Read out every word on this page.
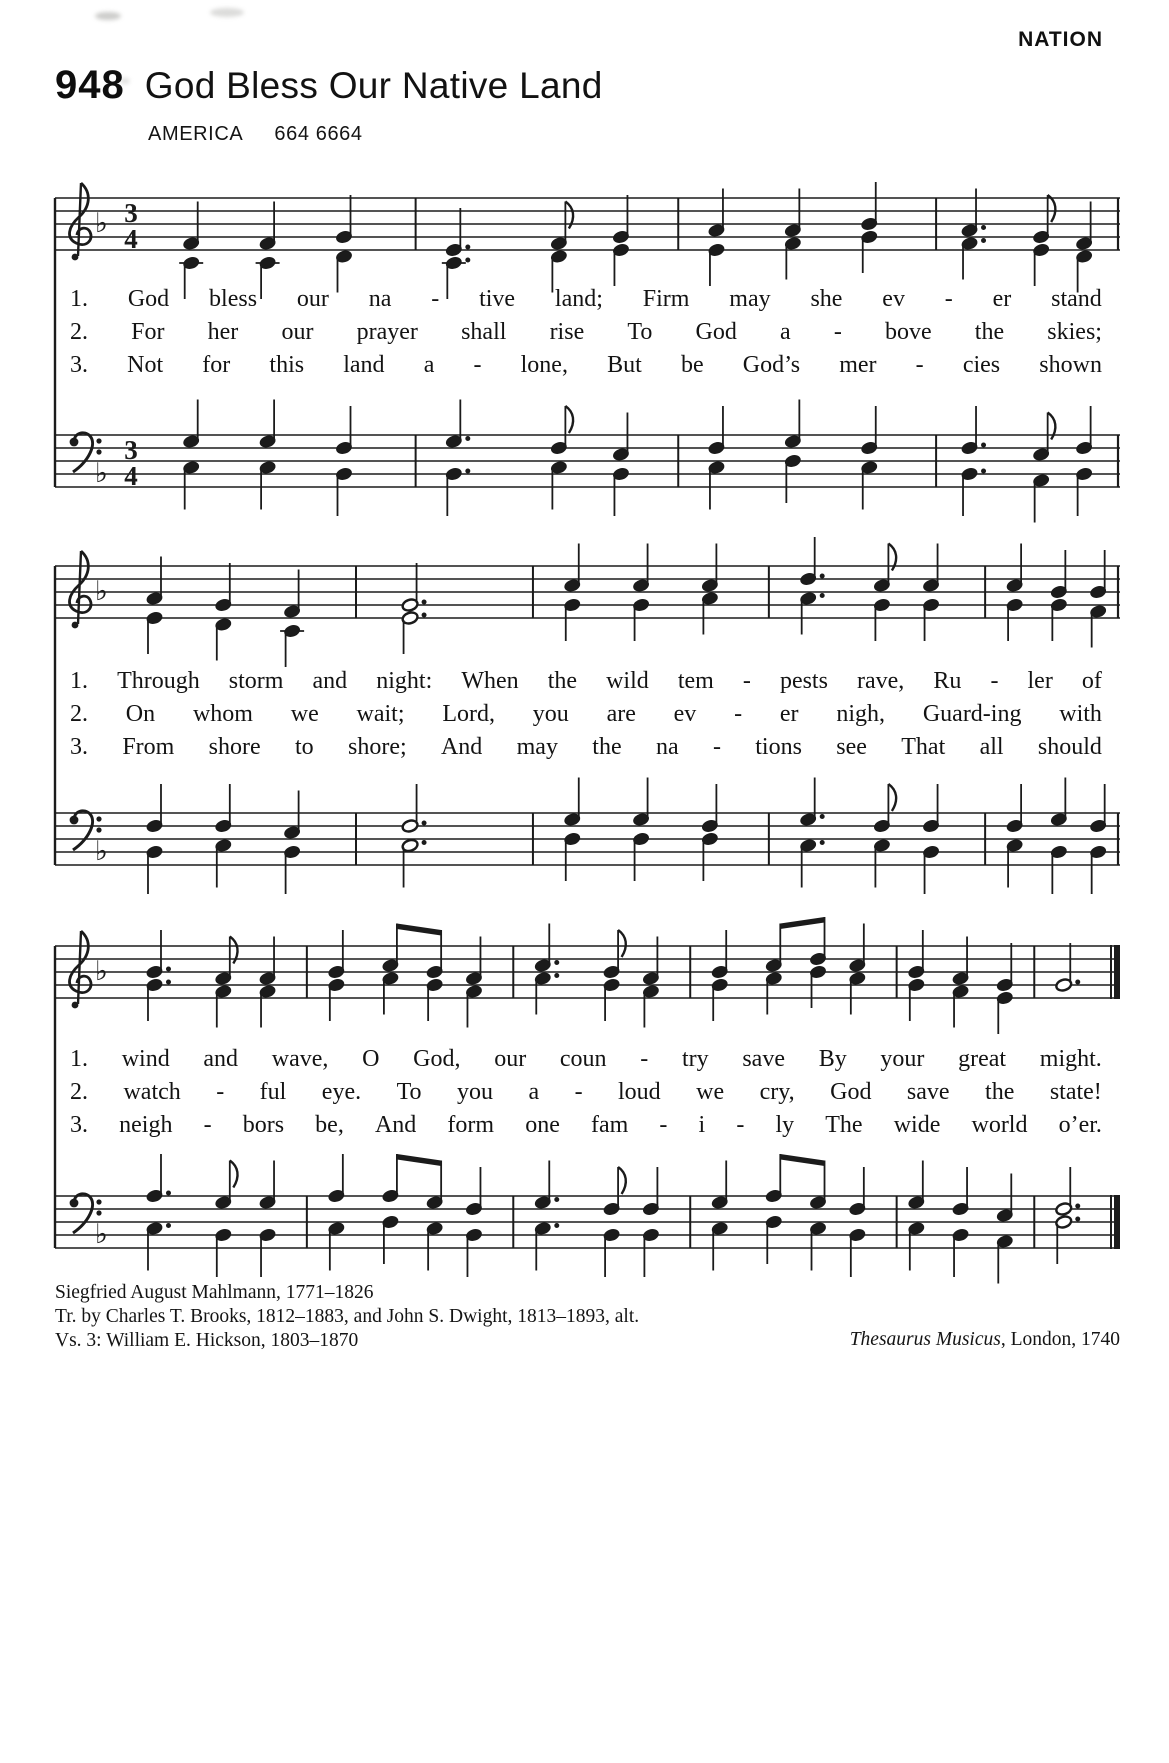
NATION
948 God Bless Our Native Land
AMERICA 664 6664
♭ 3
4
♭
3
4
♭
♭
♭
♭
Siegfried August Mahlmann, 1771–1826
Tr. by Charles T. Brooks, 1812–1883, and John S. Dwight, 1813–1893, alt.
Vs. 3: William E. Hickson, 1803–1870	Thesaurus Musicus, London, 1740
1. God bless our na - tive land; Firm may she ev - er stand
2. For her our prayer shall rise To God a - bove the skies;
3. Not for this land a - lone, But be God’s mer - cies shown
1. Through storm and night: When the wild tem - pests rave, Ru - ler of
2. On whom we wait; Lord, you are ev - er nigh, Guard-ing with
3. From shore to shore; And may the na - tions see That all should
1. wind and wave, O God, our coun - try save By your great might.
2. watch - ful eye. To you a - loud we cry, God save the state!
3. neigh - bors be, And form one fam - i - ly The wide world o’er.
